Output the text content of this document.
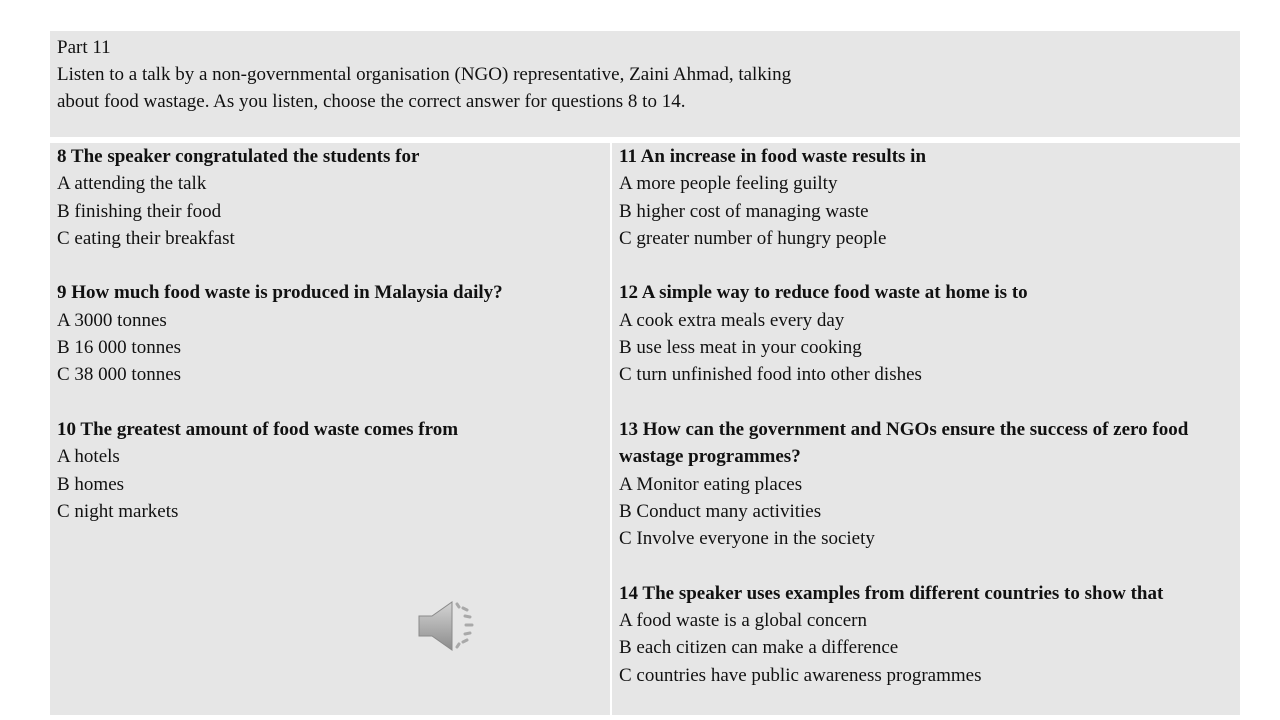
Part 11
Listen to a talk by a non-governmental organisation (NGO) representative, Zaini Ahmad, talking
about food wastage. As you listen, choose the correct answer for questions 8 to 14.
8 The speaker congratulated the students for
A attending the talk
B finishing their food
C eating their breakfast
9 How much food waste is produced in Malaysia daily?
A 3000 tonnes
B 16 000 tonnes
C 38 000 tonnes
10 The greatest amount of food waste comes from
A hotels
B homes
C night markets
11 An increase in food waste results in
A more people feeling guilty
B higher cost of managing waste
C greater number of hungry people
12 A simple way to reduce food waste at home is to
A cook extra meals every day
B use less meat in your cooking
C turn unfinished food into other dishes
13 How can the government and NGOs ensure the success of zero food wastage programmes?
A Monitor eating places
B Conduct many activities
C Involve everyone in the society
14 The speaker uses examples from different countries to show that
A food waste is a global concern
B each citizen can make a difference
C countries have public awareness programmes
